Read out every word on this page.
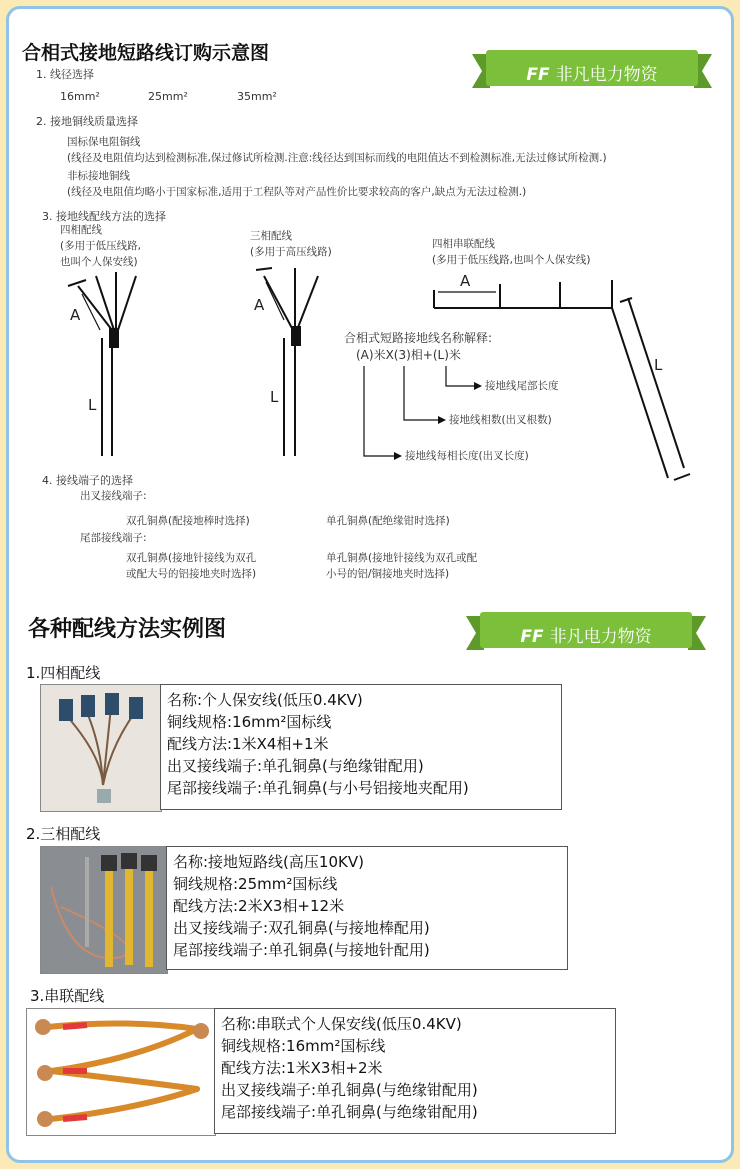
合相式接地短路线订购示意图
FF 非凡电力物资
1. 线径选择
16mm²	25mm²	35mm²
2. 接地铜线质量选择
国标保电阻铜线
(线径及电阻值均达到检测标准,保过修试所检测.注意:线径达到国标而线的电阻值达不到检测标准,无法过修试所检测.)
非标接地铜线
(线径及电阻值均略小于国家标准,适用于工程队等对产品性价比要求较高的客户,缺点为无法过检测.)
3. 接地线配线方法的选择
四相配线
(多用于低压线路,
也叫个人保安线)
三相配线
(多用于高压线路)
四相串联配线
(多用于低压线路,也叫个人保安线)
A
L
A
L
A
L
合相式短路接地线名称解释:
(A)米X(3)相+(L)米
接地线尾部长度
接地线相数(出叉根数)
接地线每相长度(出叉长度)
4. 接线端子的选择
出叉接线端子:
双孔铜鼻(配接地棒时选择)	单孔铜鼻(配绝缘钳时选择)
尾部接线端子:
双孔铜鼻(接地针接线为双孔
或配大号的铝接地夹时选择)
单孔铜鼻(接地针接线为双孔或配
小号的铝/铜接地夹时选择)
各种配线方法实例图	FF 非凡电力物资
1.四相配线
名称:个人保安线(低压0.4KV)
铜线规格:16mm²国标线
配线方法:1米X4相+1米
出叉接线端子:单孔铜鼻(与绝缘钳配用)
尾部接线端子:单孔铜鼻(与小号铝接地夹配用)
2.三相配线
名称:接地短路线(高压10KV)
铜线规格:25mm²国标线
配线方法:2米X3相+12米
出叉接线端子:双孔铜鼻(与接地棒配用)
尾部接线端子:单孔铜鼻(与接地针配用)
3.串联配线
名称:串联式个人保安线(低压0.4KV)
铜线规格:16mm²国标线
配线方法:1米X3相+2米
出叉接线端子:单孔铜鼻(与绝缘钳配用)
尾部接线端子:单孔铜鼻(与绝缘钳配用)
